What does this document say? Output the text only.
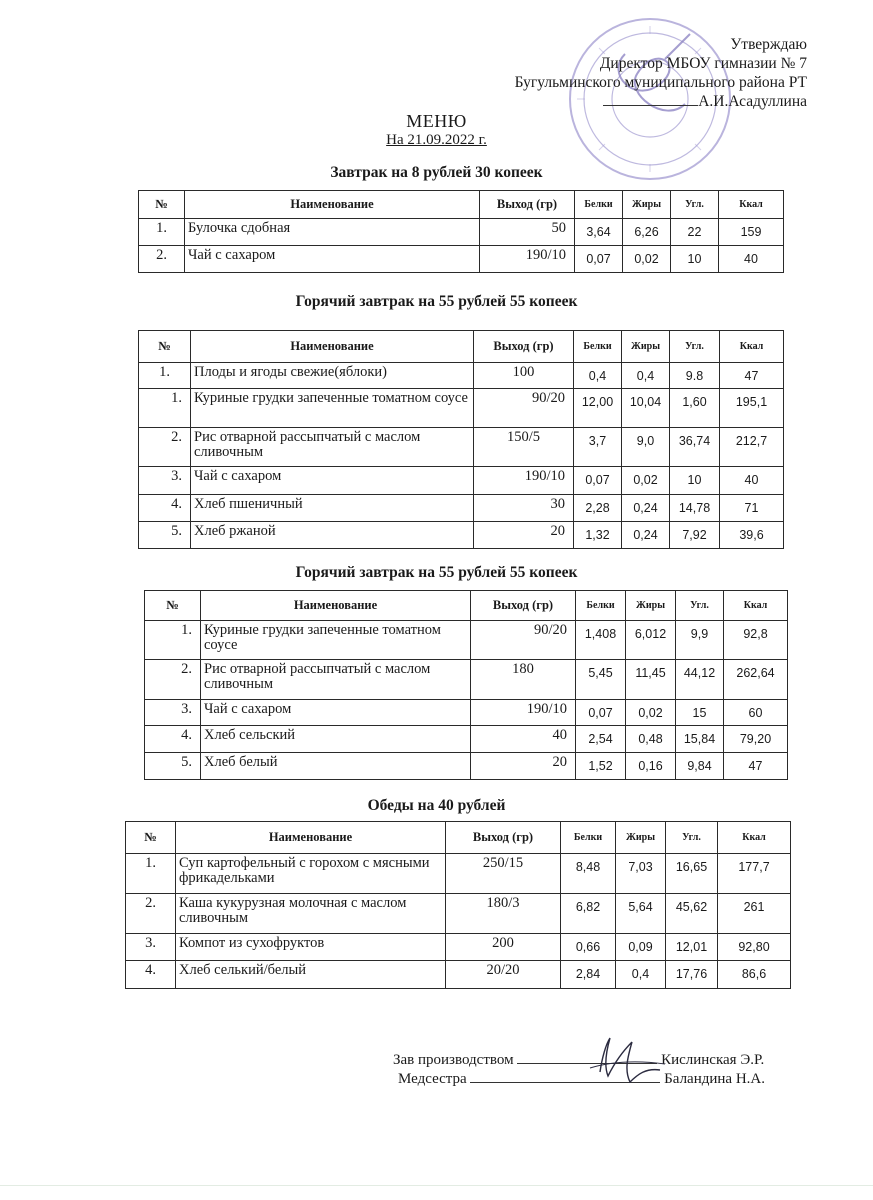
Утверждаю
Директор МБОУ гимназии № 7
Бугульминского муниципального района РТ
А.И.Асадуллина
МЕНЮ
На 21.09.2022 г.
Завтрак на 8 рублей 30 копеек
№	Наименование	Выход (гр)	Белки	Жиры	Угл.	Ккал
1.	Булочка сдобная	50	3,64	6,26	22	159
2.	Чай с сахаром	190/10	0,07	0,02	10	40
Горячий завтрак на 55 рублей 55 копеек
№	Наименование	Выход (гр)	Белки	Жиры	Угл.	Ккал
1.	Плоды и ягоды свежие(яблоки)	100	0,4	0,4	9.8	47
1.	Куриные грудки запеченные томатном соусе	90/20	12,00	10,04	1,60	195,1
2.	Рис отварной рассыпчатый с маслом сливочным	150/5	3,7	9,0	36,74	212,7
3.	Чай с сахаром	190/10	0,07	0,02	10	40
4.	Хлеб пшеничный	30	2,28	0,24	14,78	71
5.	Хлеб ржаной	20	1,32	0,24	7,92	39,6
Горячий завтрак на 55 рублей 55 копеек
№	Наименование	Выход (гр)	Белки	Жиры	Угл.	Ккал
1.	Куриные грудки запеченные томатном соусе	90/20	1,408	6,012	9,9	92,8
2.	Рис отварной рассыпчатый с маслом сливочным	180	5,45	11,45	44,12	262,64
3.	Чай с сахаром	190/10	0,07	0,02	15	60
4.	Хлеб сельский	40	2,54	0,48	15,84	79,20
5.	Хлеб белый	20	1,52	0,16	9,84	47
Обеды на 40 рублей
№	Наименование	Выход (гр)	Белки	Жиры	Угл.	Ккал
1.	Суп картофельный с горохом с мясными фрикадельками	250/15	8,48	7,03	16,65	177,7
2.	Каша кукурузная молочная с маслом сливочным	180/3	6,82	5,64	45,62	261
3.	Компот из сухофруктов	200	0,66	0,09	12,01	92,80
4.	Хлеб селький/белый	20/20	2,84	0,4	17,76	86,6
Зав производством	Кислинская Э.Р.
Медсестра	Баландина Н.А.
